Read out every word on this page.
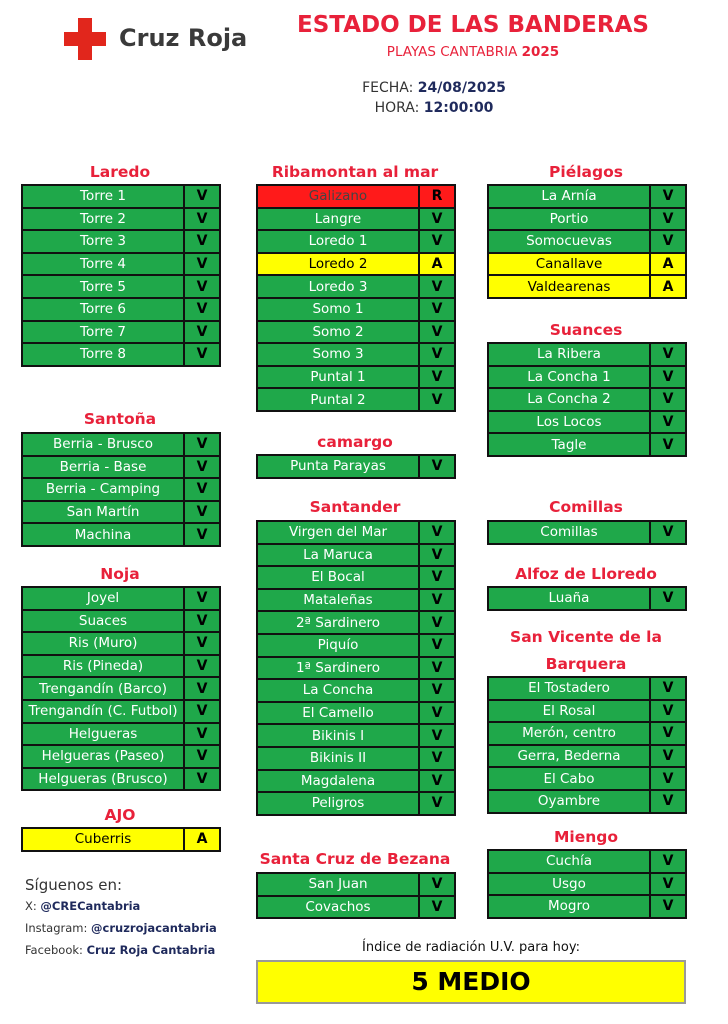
Cruz Roja	ESTADO DE LAS BANDERAS
PLAYAS CANTABRIA 2025
FECHA: 24/08/2025
HORA: 12:00:00
Laredo
Torre 1	V
Torre 2	V
Torre 3	V
Torre 4	V
Torre 5	V
Torre 6	V
Torre 7	V
Torre 8	V
Santoña
Berria - Brusco	V
Berria - Base	V
Berria - Camping	V
San Martín	V
Machina	V
Noja
Joyel	V
Suaces	V
Ris (Muro)	V
Ris (Pineda)	V
Trengandín (Barco)	V
Trengandín (C. Futbol)	V
Helgueras	V
Helgueras (Paseo)	V
Helgueras (Brusco)	V
AJO
Cuberris	A
Ribamontan al mar
Galizano	R
Langre	V
Loredo 1	V
Loredo 2	A
Loredo 3	V
Somo 1	V
Somo 2	V
Somo 3	V
Puntal 1	V
Puntal 2	V
camargo
Punta Parayas	V
Santander
Virgen del Mar	V
La Maruca	V
El Bocal	V
Mataleñas	V
2ª Sardinero	V
Piquío	V
1ª Sardinero	V
La Concha	V
El Camello	V
Bikinis I	V
Bikinis II	V
Magdalena	V
Peligros	V
Santa Cruz de Bezana
San Juan	V
Covachos	V
Piélagos
La Arnía	V
Portio	V
Somocuevas	V
Canallave	A
Valdearenas	A
Suances
La Ribera	V
La Concha 1	V
La Concha 2	V
Los Locos	V
Tagle	V
Comillas
Comillas	V
Alfoz de Lloredo
Luaña	V
San Vicente de la
Barquera
El Tostadero	V
El Rosal	V
Merón, centro	V
Gerra, Bederna	V
El Cabo	V
Oyambre	V
Miengo
Cuchía	V
Usgo	V
Mogro	V
Síguenos en:
X: @CRECantabria
Instagram: @cruzrojacantabria
Facebook: Cruz Roja Cantabria	Índice de radiación U.V. para hoy:
5 MEDIO
